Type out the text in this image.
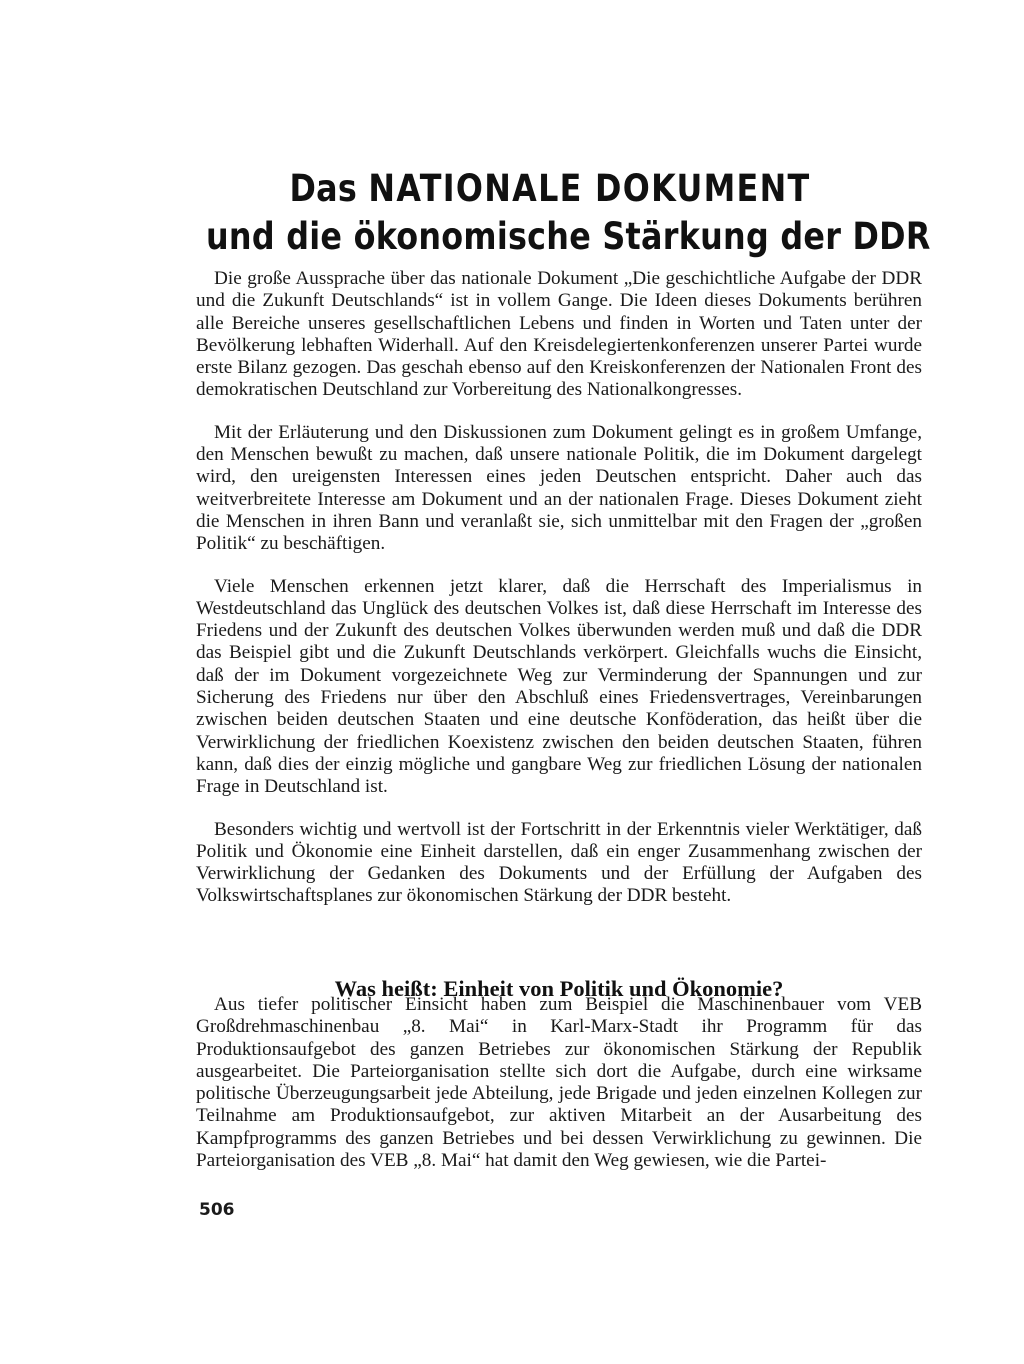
Das NATIONALE DOKUMENT
und die ökonomische Stärkung der DDR

Die große Aussprache über das nationale Dokument „Die geschichtliche Aufgabe der DDR und die Zukunft Deutschlands“ ist in vollem Gange. Die Ideen dieses Dokuments berühren alle Bereiche unseres gesellschaftlichen Lebens und finden in Worten und Taten unter der Bevölkerung lebhaften Widerhall. Auf den Kreisdelegiertenkonferenzen unserer Partei wurde erste Bilanz gezogen. Das geschah ebenso auf den Kreiskonferenzen der Nationalen Front des demokratischen Deutschland zur Vorbereitung des Nationalkongresses.

Mit der Erläuterung und den Diskussionen zum Dokument gelingt es in großem Umfange, den Menschen bewußt zu machen, daß unsere nationale Politik, die im Dokument dargelegt wird, den ureigensten Interessen eines jeden Deutschen entspricht. Daher auch das weitverbreitete Interesse am Dokument und an der nationalen Frage. Dieses Dokument zieht die Menschen in ihren Bann und veranlaßt sie, sich unmittelbar mit den Fragen der „großen Politik“ zu beschäftigen.

Viele Menschen erkennen jetzt klarer, daß die Herrschaft des Imperialismus in Westdeutschland das Unglück des deutschen Volkes ist, daß diese Herrschaft im Interesse des Friedens und der Zukunft des deutschen Volkes überwunden werden muß und daß die DDR das Beispiel gibt und die Zukunft Deutschlands verkörpert. Gleichfalls wuchs die Einsicht, daß der im Dokument vorgezeichnete Weg zur Verminderung der Spannungen und zur Sicherung des Friedens nur über den Abschluß eines Friedensvertrages, Vereinbarungen zwischen beiden deutschen Staaten und eine deutsche Konföderation, das heißt über die Verwirklichung der friedlichen Koexistenz zwischen den beiden deutschen Staaten, führen kann, daß dies der einzig mögliche und gangbare Weg zur friedlichen Lösung der nationalen Frage in Deutschland ist.

Besonders wichtig und wertvoll ist der Fortschritt in der Erkenntnis vieler Werktätiger, daß Politik und Ökonomie eine Einheit darstellen, daß ein enger Zusammenhang zwischen der Verwirklichung der Gedanken des Dokuments und der Erfüllung der Aufgaben des Volkswirtschaftsplanes zur ökonomischen Stärkung der DDR besteht.

Was heißt: Einheit von Politik und Ökonomie?

Aus tiefer politischer Einsicht haben zum Beispiel die Maschinenbauer vom VEB Großdrehmaschinenbau „8. Mai“ in Karl-Marx-Stadt ihr Programm für das Produktionsaufgebot des ganzen Betriebes zur ökonomischen Stärkung der Republik ausgearbeitet. Die Parteiorganisation stellte sich dort die Aufgabe, durch eine wirksame politische Überzeugungsarbeit jede Abteilung, jede Brigade und jeden einzelnen Kollegen zur Teilnahme am Produktionsaufgebot, zur aktiven Mitarbeit an der Ausarbeitung des Kampfprogramms des ganzen Betriebes und bei dessen Verwirklichung zu gewinnen. Die Parteiorganisation des VEB „8. Mai“ hat damit den Weg gewiesen, wie die Partei-

506
